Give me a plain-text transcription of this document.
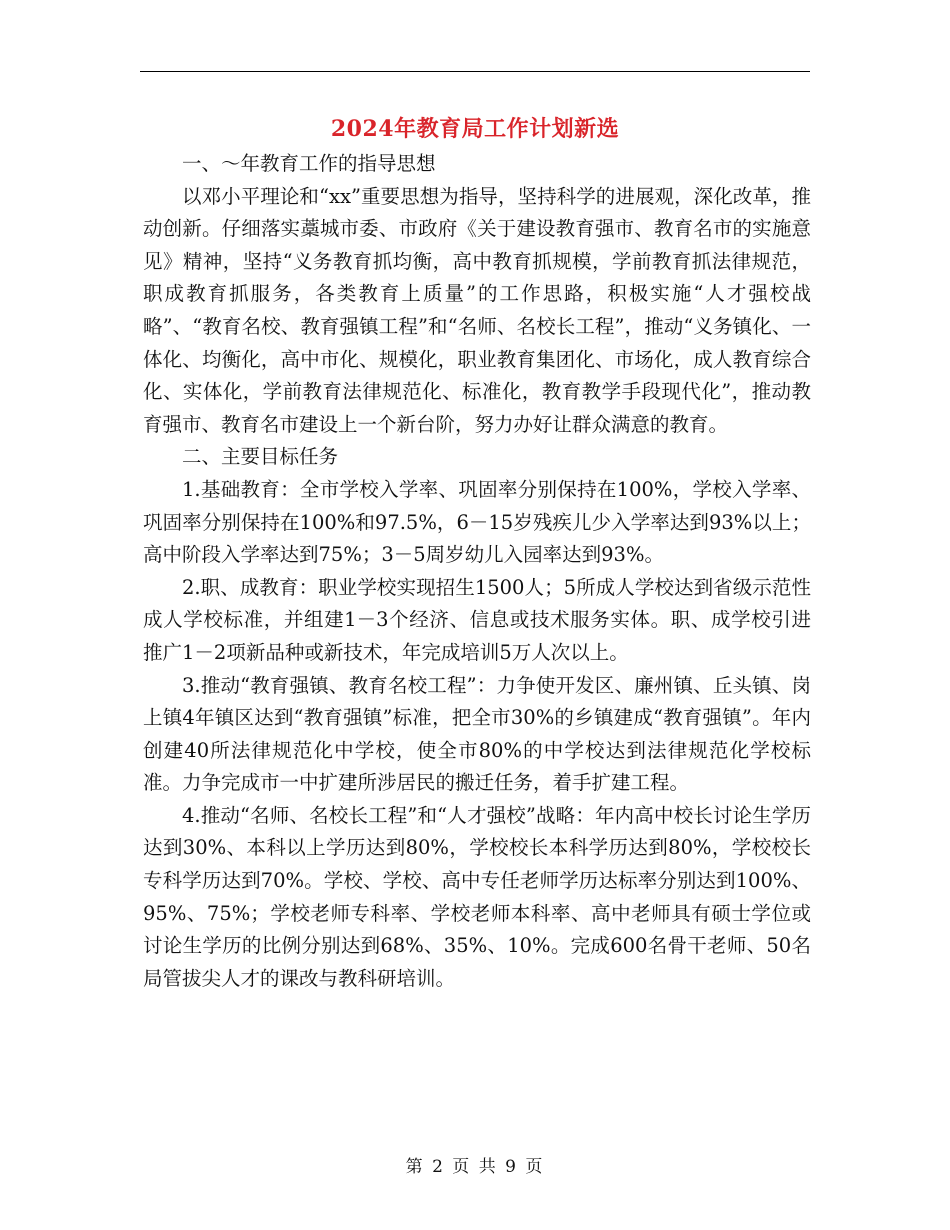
2024年教育局工作计划新选

一、～年教育工作的指导思想

以邓小平理论和“xx”重要思想为指导，坚持科学的进展观，深化改革，推动创新。仔细落实藁城市委、市政府《关于建设教育强市、教育名市的实施意见》精神，坚持“义务教育抓均衡，高中教育抓规模，学前教育抓法律规范，职成教育抓服务，各类教育上质量”的工作思路，积极实施“人才强校战略”、“教育名校、教育强镇工程”和“名师、名校长工程”，推动“义务镇化、一体化、均衡化，高中市化、规模化，职业教育集团化、市场化，成人教育综合化、实体化，学前教育法律规范化、标准化，教育教学手段现代化”，推动教育强市、教育名市建设上一个新台阶，努力办好让群众满意的教育。

二、主要目标任务

1.基础教育：全市学校入学率、巩固率分别保持在100%，学校入学率、巩固率分别保持在100%和97.5%，6－15岁残疾儿少入学率达到93%以上；高中阶段入学率达到75%；3－5周岁幼儿入园率达到93%。

2.职、成教育：职业学校实现招生1500人；5所成人学校达到省级示范性成人学校标准，并组建1－3个经济、信息或技术服务实体。职、成学校引进推广1－2项新品种或新技术，年完成培训5万人次以上。

3.推动“教育强镇、教育名校工程”：力争使开发区、廉州镇、丘头镇、岗上镇4年镇区达到“教育强镇”标准，把全市30%的乡镇建成“教育强镇”。年内创建40所法律规范化中学校，使全市80%的中学校达到法律规范化学校标准。力争完成市一中扩建所涉居民的搬迁任务，着手扩建工程。

4.推动“名师、名校长工程”和“人才强校”战略：年内高中校长讨论生学历达到30%、本科以上学历达到80%，学校校长本科学历达到80%，学校校长专科学历达到70%。学校、学校、高中专任老师学历达标率分别达到100%、95%、75%；学校老师专科率、学校老师本科率、高中老师具有硕士学位或讨论生学历的比例分别达到68%、35%、10%。完成600名骨干老师、50名局管拔尖人才的课改与教科研培训。

第 2 页 共 9 页
